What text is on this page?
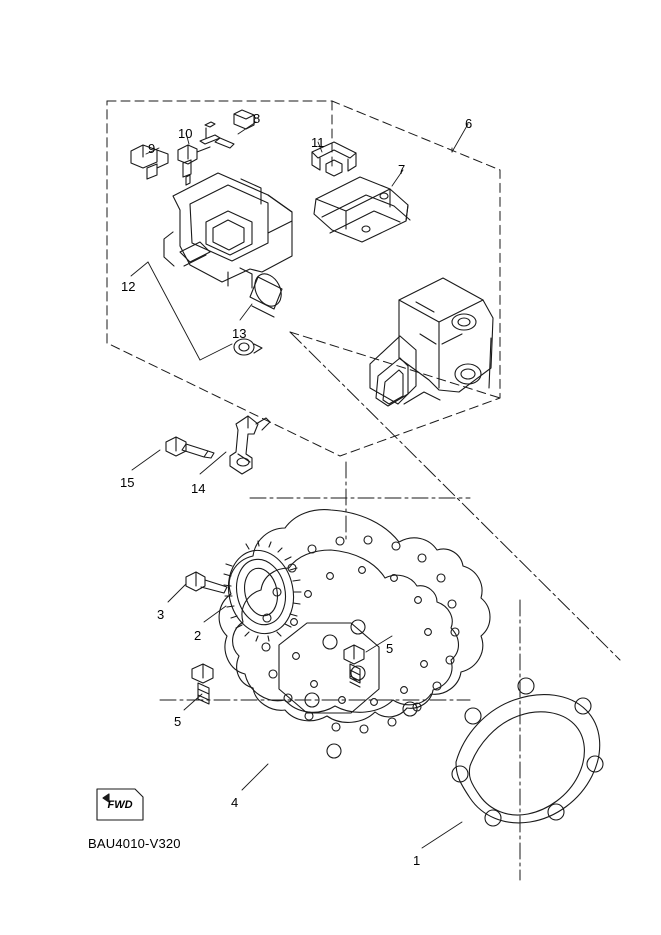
FWD
BAU4010-V320
8
10
11
6
9
7
12
13
15	14
3
2
5
5
4
1
